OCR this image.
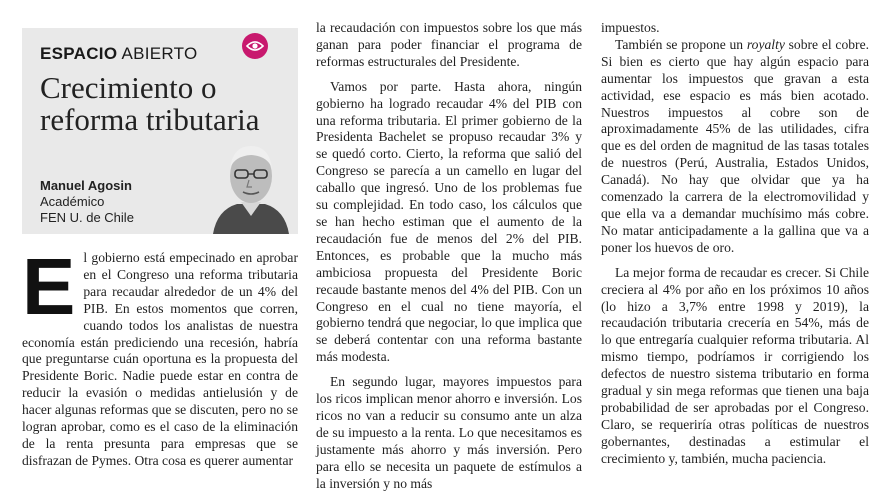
ESPACIO ABIERTO
Crecimiento o reforma tributaria
Manuel Agosin
Académico
FEN U. de Chile

El gobierno está empecinado en aprobar en el Congreso una reforma tributaria para recaudar alrededor de un 4% del PIB. En estos momentos que corren, cuando todos los analistas de nuestra economía están prediciendo una recesión, habría que preguntarse cuán oportuna es la propuesta del Presidente Boric. Nadie puede estar en contra de reducir la evasión o medidas antielusión y de hacer algunas reformas que se discuten, pero no se logran aprobar, como es el caso de la eliminación de la renta presunta para empresas que se disfrazan de Pymes. Otra cosa es querer aumentar

la recaudación con impuestos sobre los que más ganan para poder financiar el programa de reformas estructurales del Presidente.

Vamos por parte. Hasta ahora, ningún gobierno ha logrado recaudar 4% del PIB con una reforma tributaria. El primer gobierno de la Presidenta Bachelet se propuso recaudar 3% y se quedó corto. Cierto, la reforma que salió del Congreso se parecía a un camello en lugar del caballo que ingresó. Uno de los problemas fue su complejidad. En todo caso, los cálculos que se han hecho estiman que el aumento de la recaudación fue de menos del 2% del PIB. Entonces, es probable que la mucho más ambiciosa propuesta del Presidente Boric recaude bastante menos del 4% del PIB. Con un Congreso en el cual no tiene mayoría, el gobierno tendrá que negociar, lo que implica que se deberá contentar con una reforma bastante más modesta.

En segundo lugar, mayores impuestos para los ricos implican menor ahorro e inversión. Los ricos no van a reducir su consumo ante un alza de su impuesto a la renta. Lo que necesitamos es justamente más ahorro y más inversión. Pero para ello se necesita un paquete de estímulos a la inversión y no más

impuestos.

También se propone un royalty sobre el cobre. Si bien es cierto que hay algún espacio para aumentar los impuestos que gravan a esta actividad, ese espacio es más bien acotado. Nuestros impuestos al cobre son de aproximadamente 45% de las utilidades, cifra que es del orden de magnitud de las tasas totales de nuestros (Perú, Australia, Estados Unidos, Canadá). No hay que olvidar que ya ha comenzado la carrera de la electromovilidad y que ella va a demandar muchísimo más cobre. No matar anticipadamente a la gallina que va a poner los huevos de oro.

La mejor forma de recaudar es crecer. Si Chile creciera al 4% por año en los próximos 10 años (lo hizo a 3,7% entre 1998 y 2019), la recaudación tributaria crecería en 54%, más de lo que entregaría cualquier reforma tributaria. Al mismo tiempo, podríamos ir corrigiendo los defectos de nuestro sistema tributario en forma gradual y sin mega reformas que tienen una baja probabilidad de ser aprobadas por el Congreso. Claro, se requeriría otras políticas de nuestros gobernantes, destinadas a estimular el crecimiento y, también, mucha paciencia.
